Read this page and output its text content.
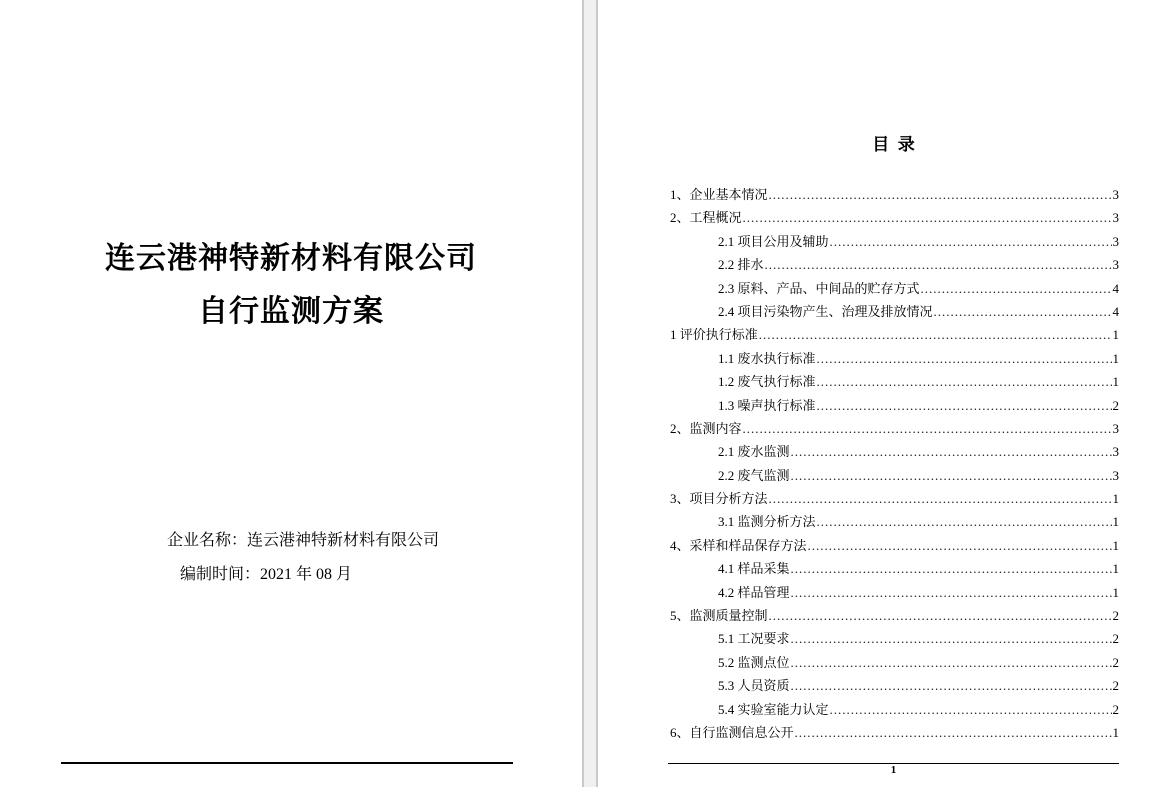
连云港神特新材料有限公司
自行监测方案
企业名称：连云港神特新材料有限公司
编制时间：2021 年 08 月
目  录
1、企业基本情况 .....	3
2、工程概况 .....	3
2.1 项目公用及辅助 .....	3
2.2 排水 .....	3
2.3 原料、产品、中间品的贮存方式 .....	4
2.4 项目污染物产生、治理及排放情况 .....	4
1 评价执行标准 .....	1
1.1 废水执行标准 .....	1
1.2 废气执行标准 .....	1
1.3 噪声执行标准 .....	2
2、监测内容 .....	3
2.1 废水监测 .....	3
2.2 废气监测 .....	3
3、项目分析方法 .....	1
3.1 监测分析方法 .....	1
4、采样和样品保存方法 .....	1
4.1 样品采集 .....	1
4.2 样品管理 .....	1
5、监测质量控制 .....	2
5.1 工况要求 .....	2
5.2 监测点位 .....	2
5.3 人员资质 .....	2
5.4 实验室能力认定 .....	2
6、自行监测信息公开 .....	1
1
